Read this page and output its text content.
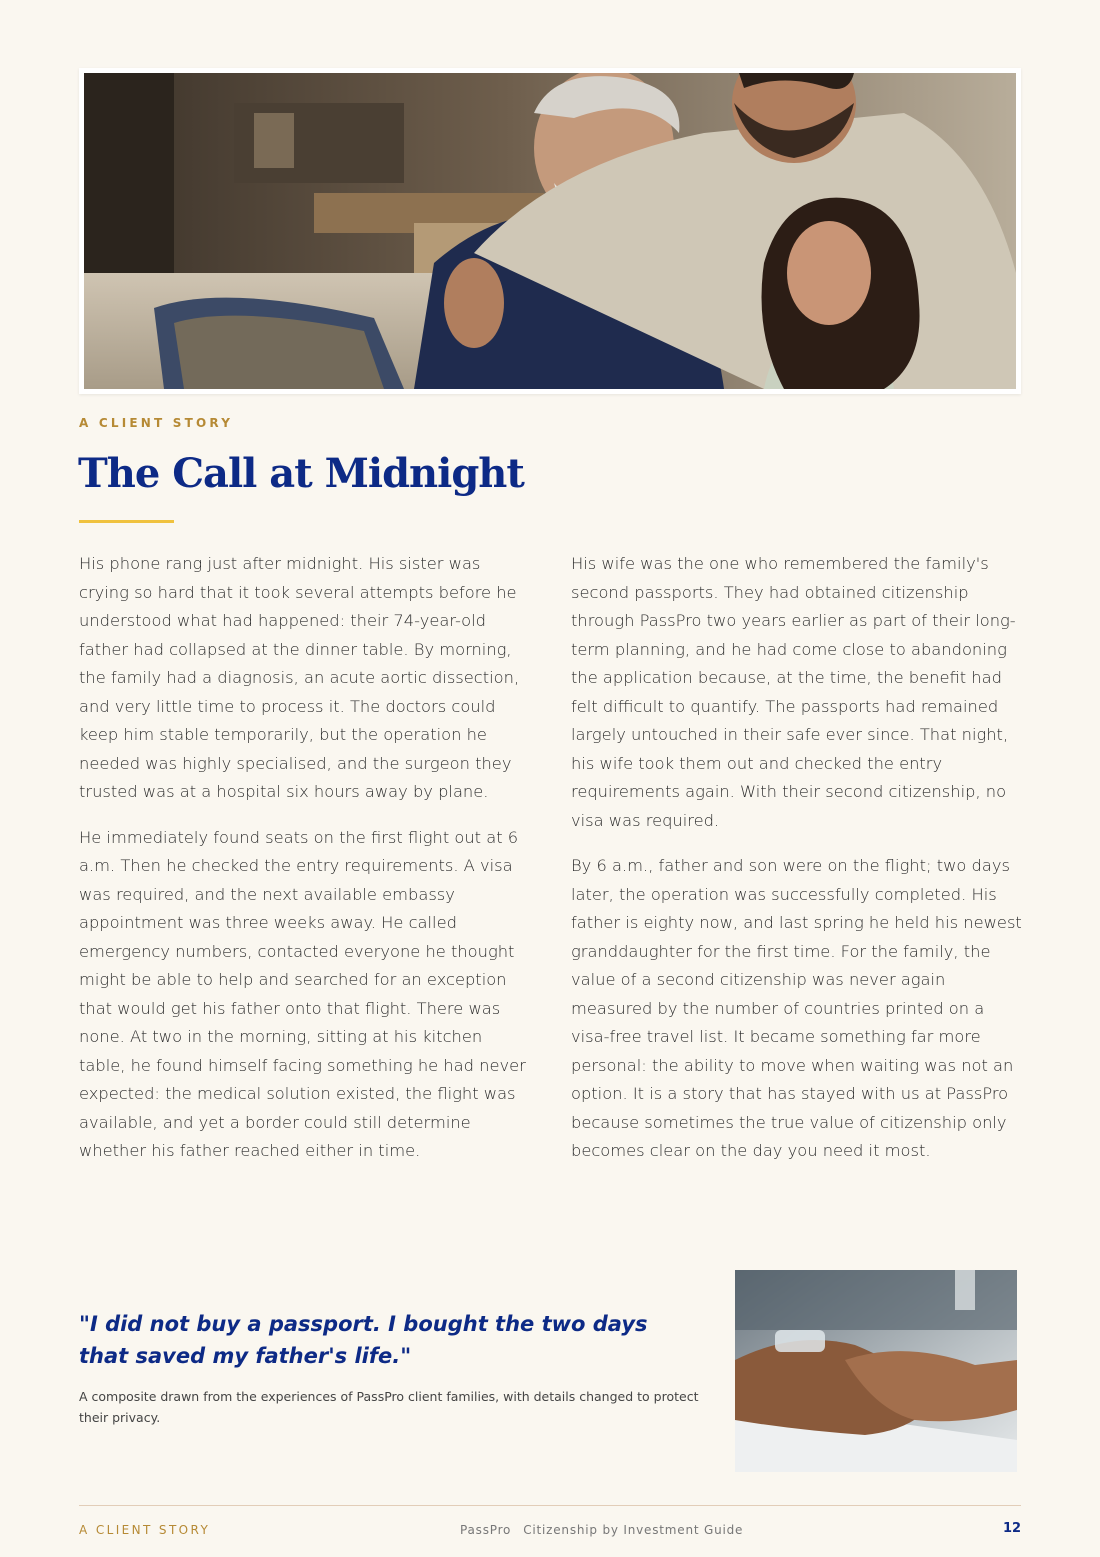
A CLIENT STORY
The Call at Midnight

His phone rang just after midnight. His sister was crying so hard that it took several attempts before he understood what had happened: their 74-year-old father had collapsed at the dinner table. By morning, the family had a diagnosis, an acute aortic dissection, and very little time to process it. The doctors could keep him stable temporarily, but the operation he needed was highly specialised, and the surgeon they trusted was at a hospital six hours away by plane.

He immediately found seats on the first flight out at 6 a.m. Then he checked the entry requirements. A visa was required, and the next available embassy appointment was three weeks away. He called emergency numbers, contacted everyone he thought might be able to help and searched for an exception that would get his father onto that flight. There was none. At two in the morning, sitting at his kitchen table, he found himself facing something he had never expected: the medical solution existed, the flight was available, and yet a border could still determine whether his father reached either in time.

His wife was the one who remembered the family's second passports. They had obtained citizenship through PassPro two years earlier as part of their long-term planning, and he had come close to abandoning the application because, at the time, the benefit had felt difficult to quantify. The passports had remained largely untouched in their safe ever since. That night, his wife took them out and checked the entry requirements again. With their second citizenship, no visa was required.

By 6 a.m., father and son were on the flight; two days later, the operation was successfully completed. His father is eighty now, and last spring he held his newest granddaughter for the first time. For the family, the value of a second citizenship was never again measured by the number of countries printed on a visa-free travel list. It became something far more personal: the ability to move when waiting was not an option. It is a story that has stayed with us at PassPro because sometimes the true value of citizenship only becomes clear on the day you need it most.

"I did not buy a passport. I bought the two days that saved my father's life."
A composite drawn from the experiences of PassPro client families, with details changed to protect their privacy.
A CLIENT STORY	PassPro Citizenship by Investment Guide	12
